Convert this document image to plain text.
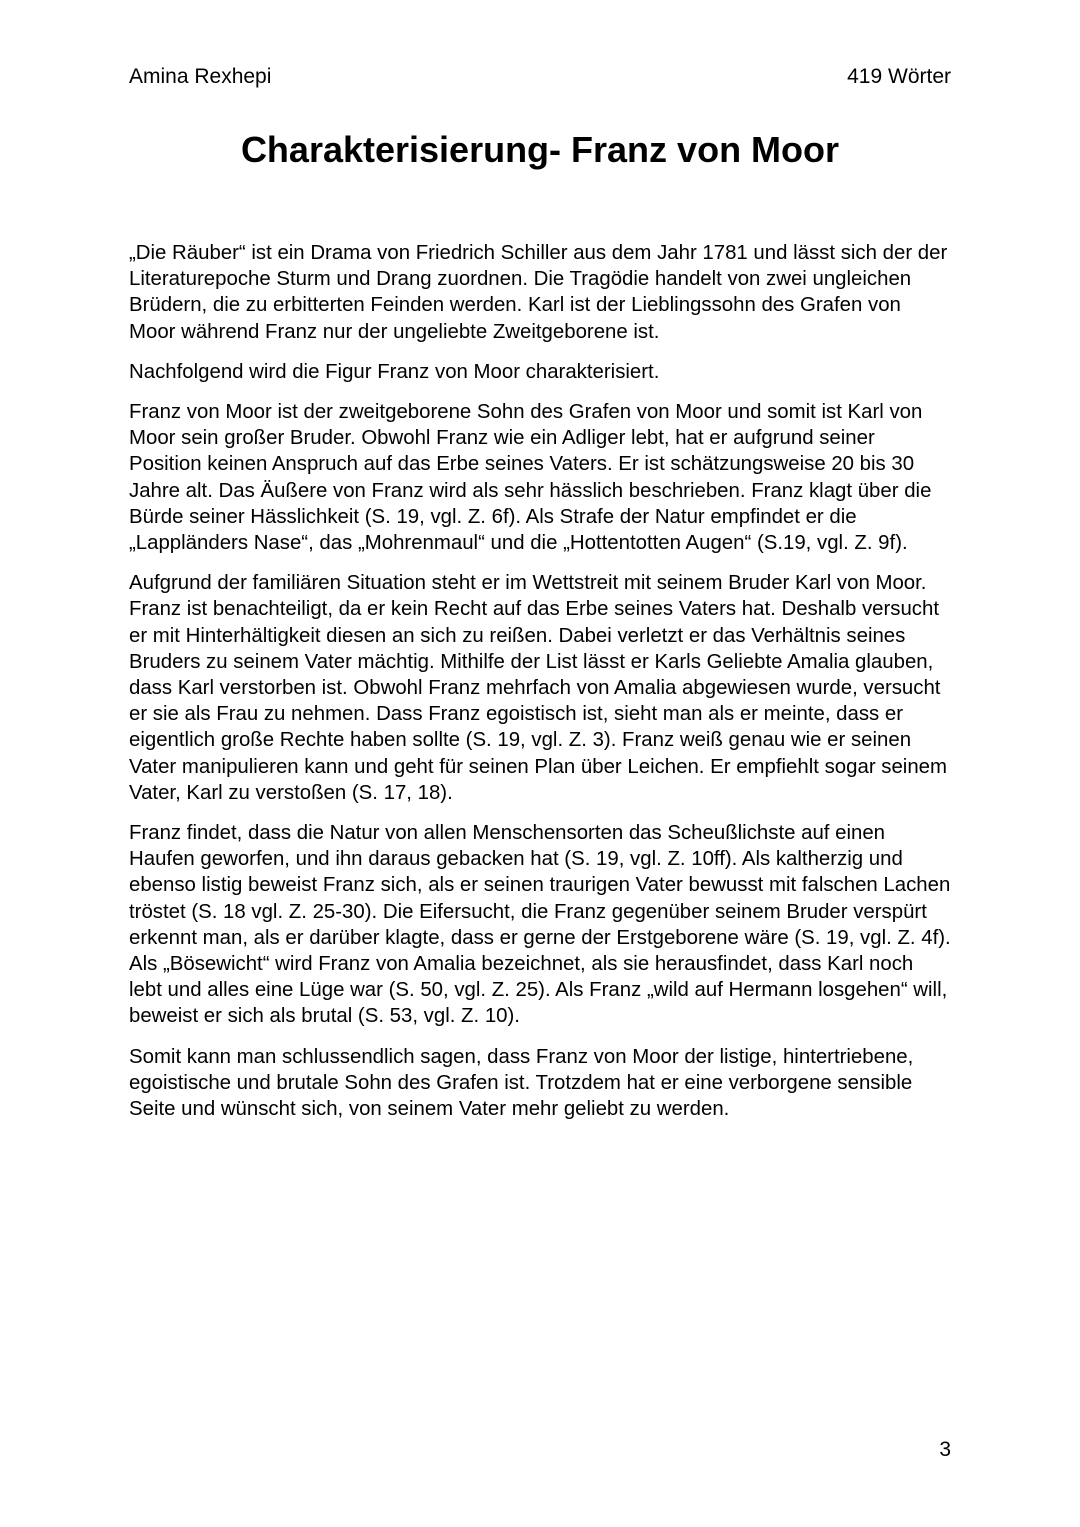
Amina Rexhepi	419 Wörter
Charakterisierung- Franz von Moor

„Die Räuber“ ist ein Drama von Friedrich Schiller aus dem Jahr 1781 und lässt sich der der Literaturepoche Sturm und Drang zuordnen. Die Tragödie handelt von zwei ungleichen Brüdern, die zu erbitterten Feinden werden. Karl ist der Lieblingssohn des Grafen von Moor während Franz nur der ungeliebte Zweitgeborene ist.

Nachfolgend wird die Figur Franz von Moor charakterisiert.

Franz von Moor ist der zweitgeborene Sohn des Grafen von Moor und somit ist Karl von Moor sein großer Bruder. Obwohl Franz wie ein Adliger lebt, hat er aufgrund seiner Position keinen Anspruch auf das Erbe seines Vaters. Er ist schätzungsweise 20 bis 30 Jahre alt. Das Äußere von Franz wird als sehr hässlich beschrieben. Franz klagt über die Bürde seiner Hässlichkeit (S. 19, vgl. Z. 6f). Als Strafe der Natur empfindet er die „Lappländers Nase“, das „Mohrenmaul“ und die „Hottentotten Augen“ (S.19, vgl. Z. 9f).

Aufgrund der familiären Situation steht er im Wettstreit mit seinem Bruder Karl von Moor. Franz ist benachteiligt, da er kein Recht auf das Erbe seines Vaters hat. Deshalb versucht er mit Hinterhältigkeit diesen an sich zu reißen. Dabei verletzt er das Verhältnis seines Bruders zu seinem Vater mächtig. Mithilfe der List lässt er Karls Geliebte Amalia glauben, dass Karl verstorben ist. Obwohl Franz mehrfach von Amalia abgewiesen wurde, versucht er sie als Frau zu nehmen. Dass Franz egoistisch ist, sieht man als er meinte, dass er eigentlich große Rechte haben sollte (S. 19, vgl. Z. 3). Franz weiß genau wie er seinen Vater manipulieren kann und geht für seinen Plan über Leichen. Er empfiehlt sogar seinem Vater, Karl zu verstoßen (S. 17, 18).

Franz findet, dass die Natur von allen Menschensorten das Scheußlichste auf einen Haufen geworfen, und ihn daraus gebacken hat (S. 19, vgl. Z. 10ff). Als kaltherzig und ebenso listig beweist Franz sich, als er seinen traurigen Vater bewusst mit falschen Lachen tröstet (S. 18 vgl. Z. 25-30). Die Eifersucht, die Franz gegenüber seinem Bruder verspürt erkennt man, als er darüber klagte, dass er gerne der Erstgeborene wäre (S. 19, vgl. Z. 4f). Als „Bösewicht“ wird Franz von Amalia bezeichnet, als sie herausfindet, dass Karl noch lebt und alles eine Lüge war (S. 50, vgl. Z. 25). Als Franz „wild auf Hermann losgehen“ will, beweist er sich als brutal (S. 53, vgl. Z. 10).

Somit kann man schlussendlich sagen, dass Franz von Moor der listige, hintertriebene, egoistische und brutale Sohn des Grafen ist. Trotzdem hat er eine verborgene sensible Seite und wünscht sich, von seinem Vater mehr geliebt zu werden.

3
